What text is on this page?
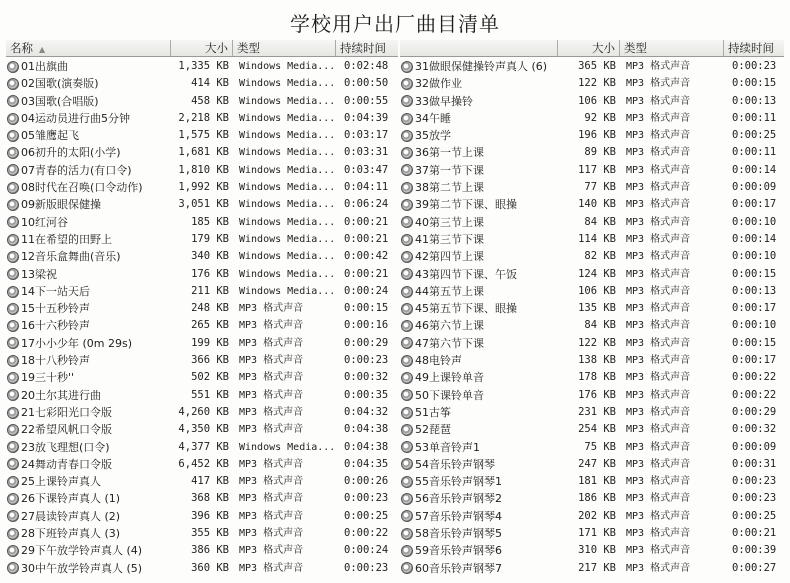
学校用户出厂曲目清单
名称 ▲	大小 类型	持续时间
01出旗曲	1,335 KB	Windows Media... 0:02:48
02国歌(演奏版)	414 KB	Windows Media... 0:00:50
03国歌(合唱版)	458 KB	Windows Media... 0:00:55
04运动员进行曲5分钟	2,218 KB	Windows Media... 0:04:39
05雏鹰起飞	1,575 KB	Windows Media... 0:03:17
06初升的太阳(小学)	1,681 KB	Windows Media... 0:03:31
07青春的活力(有口令)	1,810 KB	Windows Media... 0:03:47
08时代在召唤(口令动作)	1,992 KB	Windows Media... 0:04:11
09新版眼保健操	3,051 KB	Windows Media... 0:06:24
10红河谷	185 KB	Windows Media... 0:00:21
11在希望的田野上	179 KB	Windows Media... 0:00:21
12音乐盒舞曲(音乐)	340 KB	Windows Media... 0:00:42
13梁祝	176 KB	Windows Media... 0:00:21
14下一站天后	211 KB	Windows Media... 0:00:24
15十五秒铃声	248 KB	MP3 格式声音	0:00:15
16十六秒铃声	265 KB	MP3 格式声音	0:00:16
17小小少年 (0m 29s)	199 KB	MP3 格式声音	0:00:29
18十八秒铃声	366 KB	MP3 格式声音	0:00:23
19三十秒''	502 KB	MP3 格式声音	0:00:32
20土尔其进行曲	551 KB	MP3 格式声音	0:00:35
21七彩阳光口令版	4,260 KB	MP3 格式声音	0:04:32
22希望风帆口令版	4,350 KB	MP3 格式声音	0:04:38
23放飞理想(口令)	4,377 KB	Windows Media... 0:04:38
24舞动青春口令版	6,452 KB	MP3 格式声音	0:04:35
25上课铃声真人	417 KB	MP3 格式声音	0:00:26
26下课铃声真人 (1)	368 KB	MP3 格式声音	0:00:23
27晨读铃声真人 (2)	396 KB	MP3 格式声音	0:00:25
28下班铃声真人 (3)	355 KB	MP3 格式声音	0:00:22
29下午放学铃声真人 (4)	386 KB	MP3 格式声音	0:00:24
30中午放学铃声真人 (5)	360 KB	MP3 格式声音	0:00:23
大小 类型	持续时间
31做眼保健操铃声真人 (6)	365 KB	MP3 格式声音	0:00:23
32做作业	122 KB	MP3 格式声音	0:00:15
33做早操铃	106 KB	MP3 格式声音	0:00:13
34午睡	92 KB	MP3 格式声音	0:00:11
35放学	196 KB	MP3 格式声音	0:00:25
36第一节上课	89 KB	MP3 格式声音	0:00:11
37第一节下课	117 KB	MP3 格式声音	0:00:14
38第二节上课	77 KB	MP3 格式声音	0:00:09
39第二节下课、眼操	140 KB	MP3 格式声音	0:00:17
40第三节上课	84 KB	MP3 格式声音	0:00:10
41第三节下课	114 KB	MP3 格式声音	0:00:14
42第四节上课	82 KB	MP3 格式声音	0:00:10
43第四节下课、午饭	124 KB	MP3 格式声音	0:00:15
44第五节上课	106 KB	MP3 格式声音	0:00:13
45第五节下课、眼操	135 KB	MP3 格式声音	0:00:17
46第六节上课	84 KB	MP3 格式声音	0:00:10
47第六节下课	122 KB	MP3 格式声音	0:00:15
48电铃声	138 KB	MP3 格式声音	0:00:17
49上课铃单音	178 KB	MP3 格式声音	0:00:22
50下课铃单音	176 KB	MP3 格式声音	0:00:22
51古筝	231 KB	MP3 格式声音	0:00:29
52琵琶	254 KB	MP3 格式声音	0:00:32
53单音铃声1	75 KB	MP3 格式声音	0:00:09
54音乐铃声钢琴	247 KB	MP3 格式声音	0:00:31
55音乐铃声钢琴1	181 KB	MP3 格式声音	0:00:23
56音乐铃声钢琴2	186 KB	MP3 格式声音	0:00:23
57音乐铃声钢琴4	202 KB	MP3 格式声音	0:00:25
58音乐铃声钢琴5	171 KB	MP3 格式声音	0:00:21
59音乐铃声钢琴6	310 KB	MP3 格式声音	0:00:39
60音乐铃声钢琴7	217 KB	MP3 格式声音	0:00:27
